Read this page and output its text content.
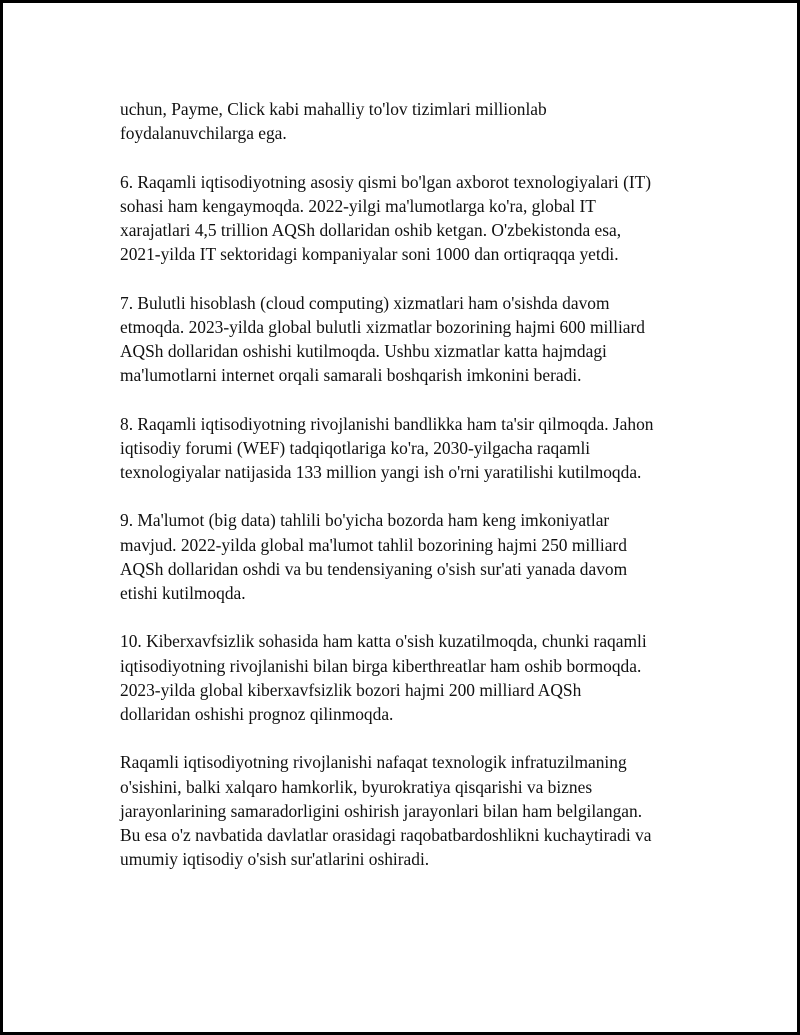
uchun, Payme, Click kabi mahalliy to'lov tizimlari millionlab
foydalanuvchilarga ega.

6. Raqamli iqtisodiyotning asosiy qismi bo'lgan axborot texnologiyalari (IT)
sohasi ham kengaymoqda. 2022-yilgi ma'lumotlarga ko'ra, global IT
xarajatlari 4,5 trillion AQSh dollaridan oshib ketgan. O'zbekistonda esa,
2021-yilda IT sektoridagi kompaniyalar soni 1000 dan ortiqraqqa yetdi.

7. Bulutli hisoblash (cloud computing) xizmatlari ham o'sishda davom
etmoqda. 2023-yilda global bulutli xizmatlar bozorining hajmi 600 milliard
AQSh dollaridan oshishi kutilmoqda. Ushbu xizmatlar katta hajmdagi
ma'lumotlarni internet orqali samarali boshqarish imkonini beradi.

8. Raqamli iqtisodiyotning rivojlanishi bandlikka ham ta'sir qilmoqda. Jahon
iqtisodiy forumi (WEF) tadqiqotlariga ko'ra, 2030-yilgacha raqamli
texnologiyalar natijasida 133 million yangi ish o'rni yaratilishi kutilmoqda.

9. Ma'lumot (big data) tahlili bo'yicha bozorda ham keng imkoniyatlar
mavjud. 2022-yilda global ma'lumot tahlil bozorining hajmi 250 milliard
AQSh dollaridan oshdi va bu tendensiyaning o'sish sur'ati yanada davom
etishi kutilmoqda.

10. Kiberxavfsizlik sohasida ham katta o'sish kuzatilmoqda, chunki raqamli
iqtisodiyotning rivojlanishi bilan birga kiberthreatlar ham oshib bormoqda.
2023-yilda global kiberxavfsizlik bozori hajmi 200 milliard AQSh
dollaridan oshishi prognoz qilinmoqda.

Raqamli iqtisodiyotning rivojlanishi nafaqat texnologik infratuzilmaning
o'sishini, balki xalqaro hamkorlik, byurokratiya qisqarishi va biznes
jarayonlarining samaradorligini oshirish jarayonlari bilan ham belgilangan.
Bu esa o'z navbatida davlatlar orasidagi raqobatbardoshlikni kuchaytiradi va
umumiy iqtisodiy o'sish sur'atlarini oshiradi.
